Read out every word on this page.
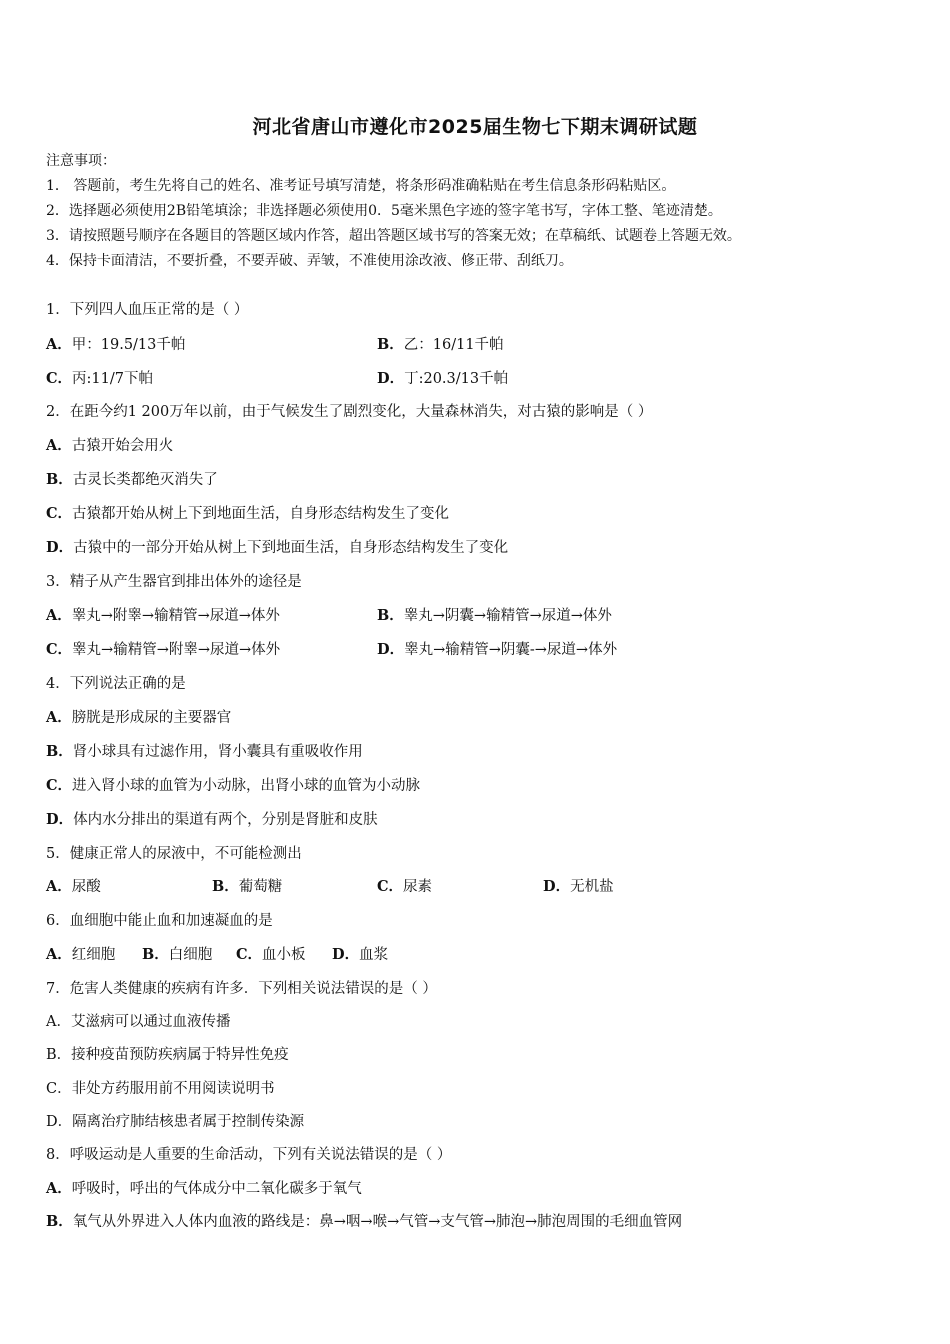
河北省唐山市遵化市2025届生物七下期末调研试题
注意事项：
1． 答题前，考生先将自己的姓名、准考证号填写清楚，将条形码准确粘贴在考生信息条形码粘贴区。
2．选择题必须使用2B铅笔填涂；非选择题必须使用0．5毫米黑色字迹的签字笔书写，字体工整、笔迹清楚。
3．请按照题号顺序在各题目的答题区域内作答，超出答题区域书写的答案无效；在草稿纸、试题卷上答题无效。
4．保持卡面清洁，不要折叠，不要弄破、弄皱，不准使用涂改液、修正带、刮纸刀。
1．下列四人血压正常的是（ ）
A．甲：19.5/13千帕	B．乙：16/11千帕
C．丙:11/7下帕	D．丁:20.3/13千帕
2．在距今约1 200万年以前，由于气候发生了剧烈变化，大量森林消失，对古猿的影响是（ ）
A．古猿开始会用火
B．古灵长类都绝灭消失了
C．古猿都开始从树上下到地面生活，自身形态结构发生了变化
D．古猿中的一部分开始从树上下到地面生活，自身形态结构发生了变化
3．精子从产生器官到排出体外的途径是
A．睾丸→附睾→输精管→尿道→体外	B．睾丸→阴囊→输精管→尿道→体外
C．睾丸→输精管→附睾→尿道→体外	D．睾丸→输精管→阴囊-→尿道→体外
4．下列说法正确的是
A．膀胱是形成尿的主要器官
B．肾小球具有过滤作用，肾小囊具有重吸收作用
C．进入肾小球的血管为小动脉，出肾小球的血管为小动脉
D．体内水分排出的渠道有两个，分别是肾脏和皮肤
5．健康正常人的尿液中，不可能检测出
A．尿酸	B．葡萄糖	C．尿素	D．无机盐
6．血细胞中能止血和加速凝血的是
A．红细胞 B．白细胞 C．血小板 D．血浆
7．危害人类健康的疾病有许多．下列相关说法错误的是（ ）
A．艾滋病可以通过血液传播
B．接种疫苗预防疾病属于特异性免疫
C．非处方药服用前不用阅读说明书
D．隔离治疗肺结核患者属于控制传染源
8．呼吸运动是人重要的生命活动，下列有关说法错误的是（ ）
A．呼吸时，呼出的气体成分中二氧化碳多于氧气
B．氧气从外界进入人体内血液的路线是：鼻→咽→喉→气管→支气管→肺泡→肺泡周围的毛细血管网
